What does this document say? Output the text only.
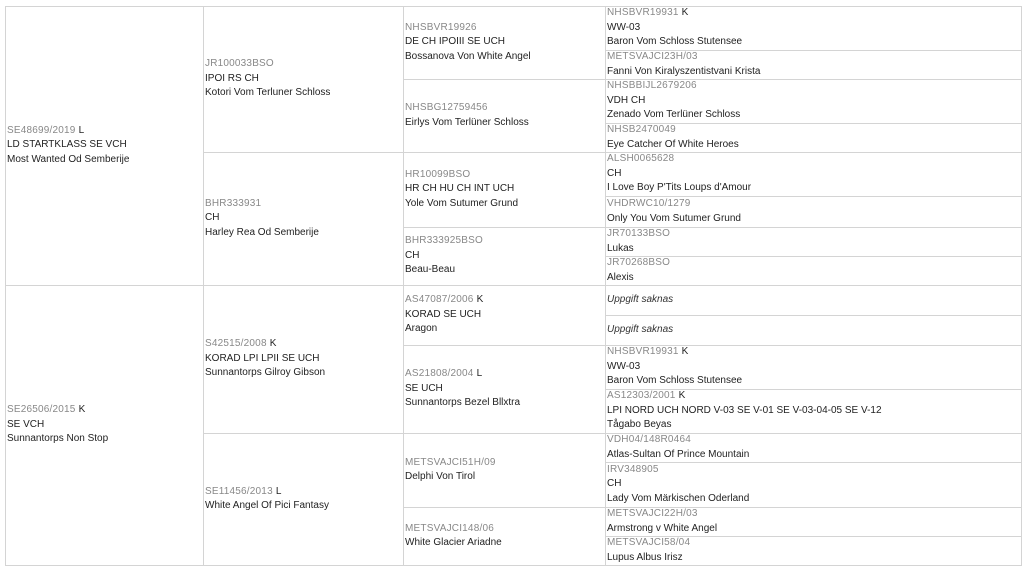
SE48699/2019 L
LD STARTKLASS SE VCH
Most Wanted Od Semberije
SE26506/2015 K
SE VCH
Sunnantorps Non Stop
JR100033BSO
IPOI RS CH
Kotori Vom Terluner Schloss
BHR333931
CH
Harley Rea Od Semberije
S42515/2008 K
KORAD LPI LPII SE UCH
Sunnantorps Gilroy Gibson
SE11456/2013 L
White Angel Of Pici Fantasy
NHSBVR19926
DE CH IPOIII SE UCH
Bossanova Von White Angel
NHSBG12759456
Eirlys Vom Terlüner Schloss
HR10099BSO
HR CH HU CH INT UCH
Yole Vom Sutumer Grund
BHR333925BSO
CH
Beau-Beau
AS47087/2006 K
KORAD SE UCH
Aragon
AS21808/2004 L
SE UCH
Sunnantorps Bezel Bllxtra
METSVAJCI51H/09
Delphi Von Tirol
METSVAJCI148/06
White Glacier Ariadne
NHSBVR19931 K
WW-03
Baron Vom Schloss Stutensee
METSVAJCI23H/03
Fanni Von Kiralyszentistvani Krista
NHSBBIJL2679206
VDH CH
Zenado Vom Terlüner Schloss
NHSB2470049
Eye Catcher Of White Heroes
ALSH0065628
CH
I Love Boy P'Tits Loups d'Amour
VHDRWC10/1279
Only You Vom Sutumer Grund
JR70133BSO
Lukas
JR70268BSO
Alexis
Uppgift saknas
Uppgift saknas
NHSBVR19931 K
WW-03
Baron Vom Schloss Stutensee
AS12303/2001 K
LPI NORD UCH NORD V-03 SE V-01 SE V-03-04-05 SE V-12
Tågabo Beyas
VDH04/148R0464
Atlas-Sultan Of Prince Mountain
IRV348905
CH
Lady Vom Märkischen Oderland
METSVAJCI22H/03
Armstrong v White Angel
METSVAJCI58/04
Lupus Albus Irisz
